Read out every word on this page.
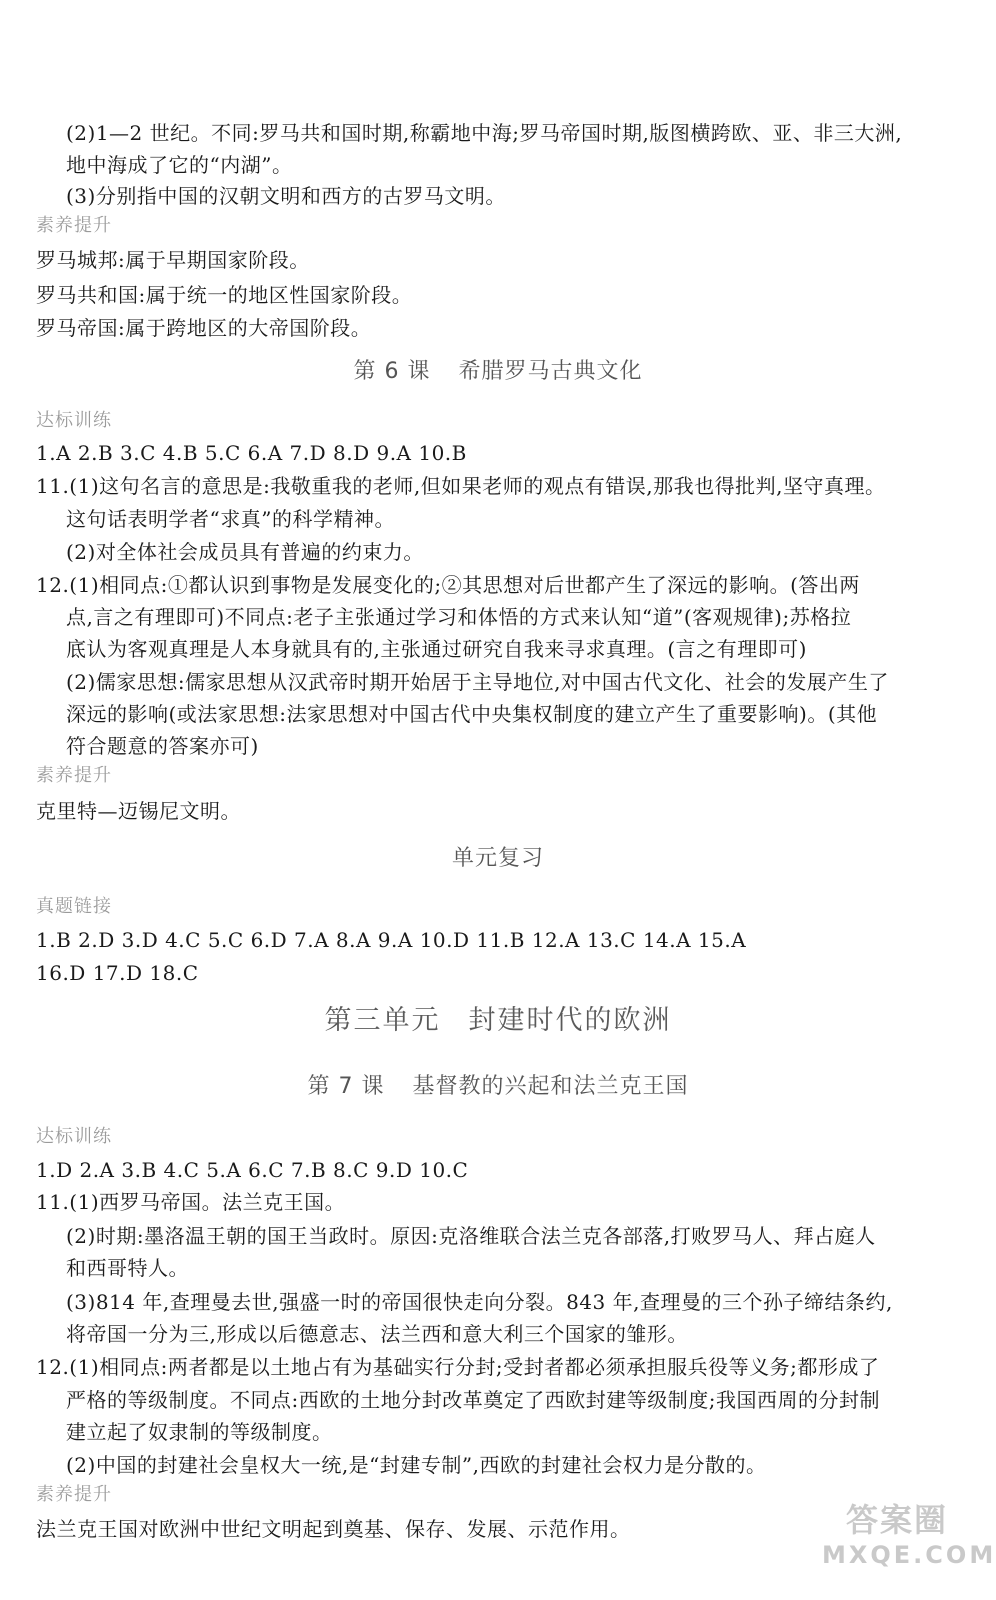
(2)1—2 世纪。不同:罗马共和国时期,称霸地中海;罗马帝国时期,版图横跨欧、亚、非三大洲,
地中海成了它的“内湖”。
(3)分别指中国的汉朝文明和西方的古罗马文明。
素养提升
罗马城邦:属于早期国家阶段。
罗马共和国:属于统一的地区性国家阶段。
罗马帝国:属于跨地区的大帝国阶段。
第 6 课 希腊罗马古典文化
达标训练
1.A 2.B 3.C 4.B 5.C 6.A 7.D 8.D 9.A 10.B
11.(1)这句名言的意思是:我敬重我的老师,但如果老师的观点有错误,那我也得批判,坚守真理。
这句话表明学者“求真”的科学精神。
(2)对全体社会成员具有普遍的约束力。
12.(1)相同点:①都认识到事物是发展变化的;②其思想对后世都产生了深远的影响。(答出两
点,言之有理即可)不同点:老子主张通过学习和体悟的方式来认知“道”(客观规律);苏格拉
底认为客观真理是人本身就具有的,主张通过研究自我来寻求真理。(言之有理即可)
(2)儒家思想:儒家思想从汉武帝时期开始居于主导地位,对中国古代文化、社会的发展产生了
深远的影响(或法家思想:法家思想对中国古代中央集权制度的建立产生了重要影响)。(其他
符合题意的答案亦可)
素养提升
克里特—迈锡尼文明。
单元复习
真题链接
1.B 2.D 3.D 4.C 5.C 6.D 7.A 8.A 9.A 10.D 11.B 12.A 13.C 14.A 15.A
16.D 17.D 18.C
第三单元 封建时代的欧洲
第 7 课 基督教的兴起和法兰克王国
达标训练
1.D 2.A 3.B 4.C 5.A 6.C 7.B 8.C 9.D 10.C
11.(1)西罗马帝国。法兰克王国。
(2)时期:墨洛温王朝的国王当政时。原因:克洛维联合法兰克各部落,打败罗马人、拜占庭人
和西哥特人。
(3)814 年,查理曼去世,强盛一时的帝国很快走向分裂。843 年,查理曼的三个孙子缔结条约,
将帝国一分为三,形成以后德意志、法兰西和意大利三个国家的雏形。
12.(1)相同点:两者都是以土地占有为基础实行分封;受封者都必须承担服兵役等义务;都形成了
严格的等级制度。不同点:西欧的土地分封改革奠定了西欧封建等级制度;我国西周的分封制
建立起了奴隶制的等级制度。
(2)中国的封建社会皇权大一统,是“封建专制”,西欧的封建社会权力是分散的。
素养提升
法兰克王国对欧洲中世纪文明起到奠基、保存、发展、示范作用。	答案圈
MXQE.COM
